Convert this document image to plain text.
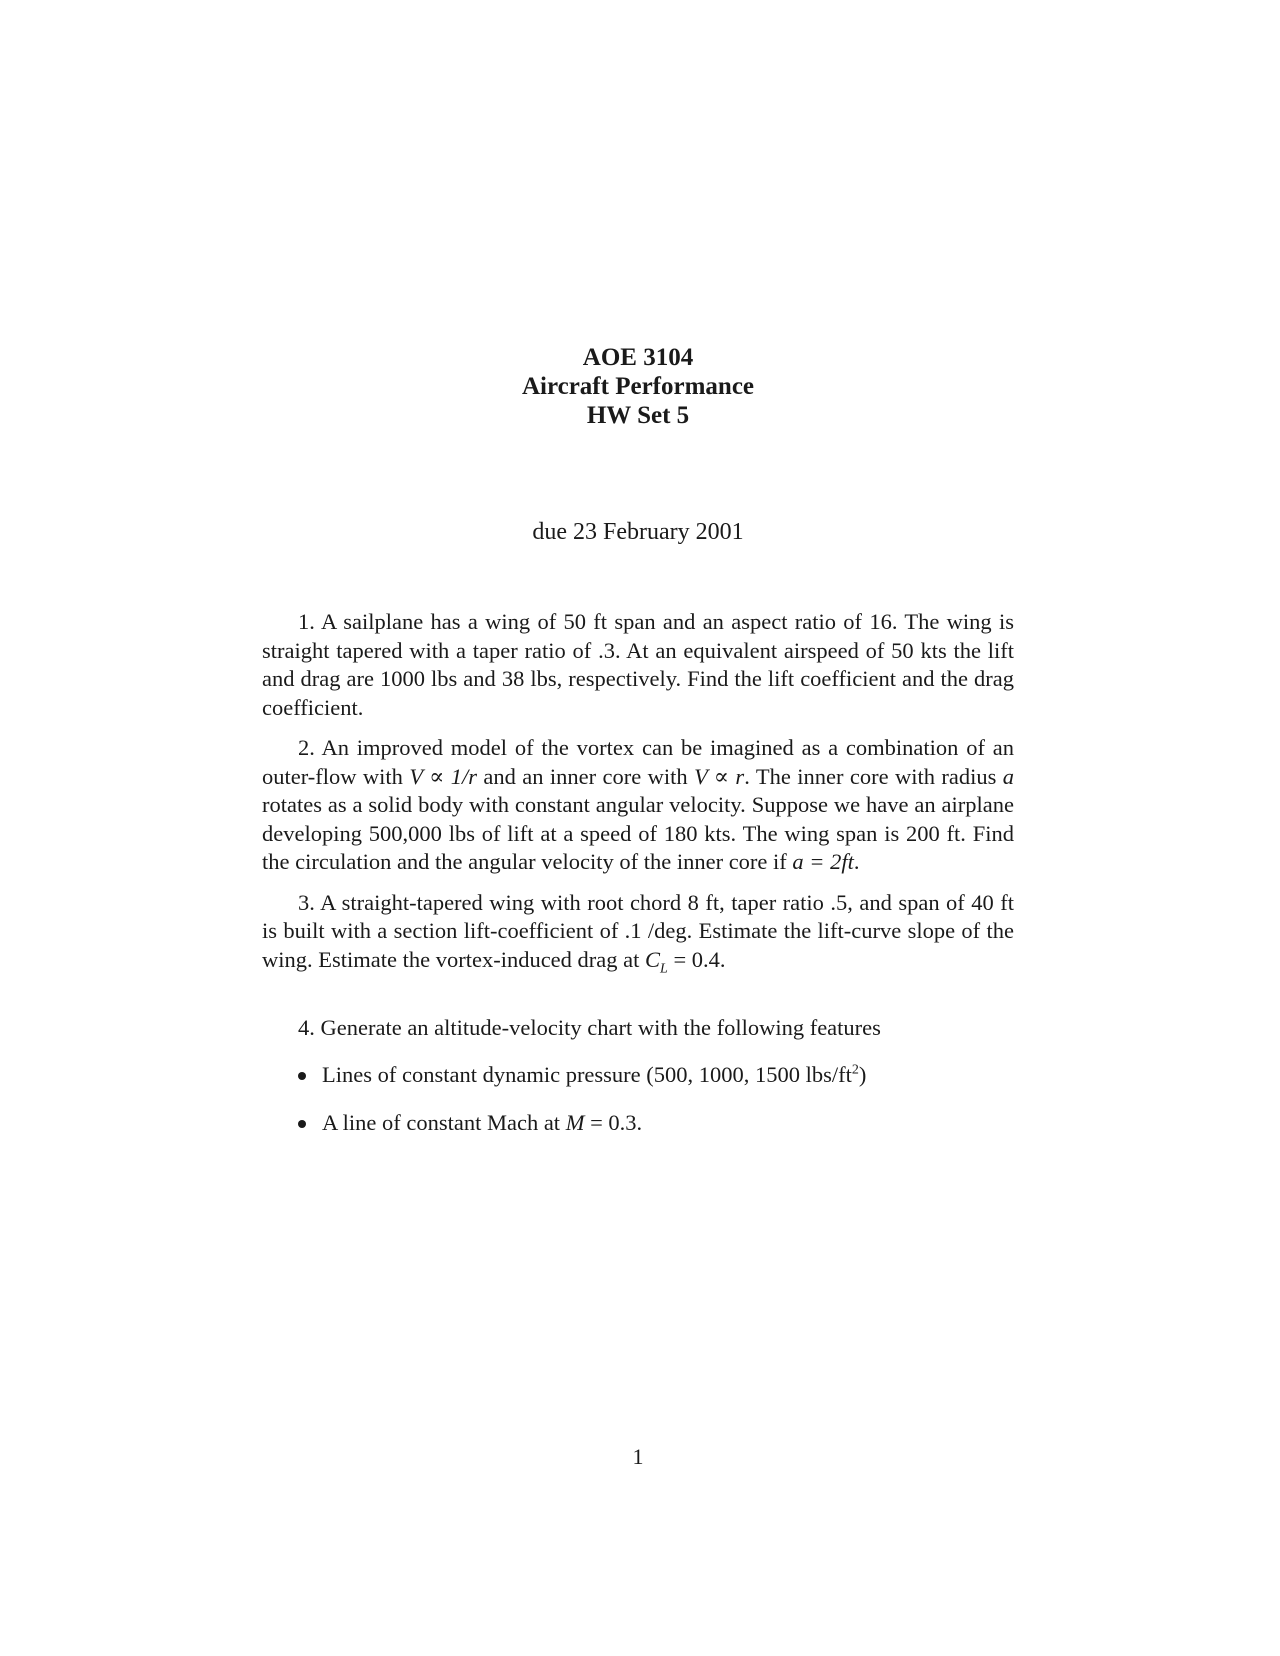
AOE 3104
Aircraft Performance
HW Set 5
due 23 February 2001

1. A sailplane has a wing of 50 ft span and an aspect ratio of 16. The wing is straight tapered with a taper ratio of .3. At an equivalent airspeed of 50 kts the lift and drag are 1000 lbs and 38 lbs, respectively. Find the lift coefficient and the drag coefficient.

2. An improved model of the vortex can be imagined as a combination of an outer-flow with V ∝ 1/r and an inner core with V ∝ r. The inner core with radius a rotates as a solid body with constant angular velocity. Suppose we have an airplane developing 500,000 lbs of lift at a speed of 180 kts. The wing span is 200 ft. Find the circulation and the angular velocity of the inner core if a = 2ft.

3. A straight-tapered wing with root chord 8 ft, taper ratio .5, and span of 40 ft is built with a section lift-coefficient of .1 /deg. Estimate the lift-curve slope of the wing. Estimate the vortex-induced drag at $C_L = 0.4$.

4. Generate an altitude-velocity chart with the following features

Lines of constant dynamic pressure (500, 1000, 1500 lbs/$ft^2$)
A line of constant Mach at M = 0.3.
1
